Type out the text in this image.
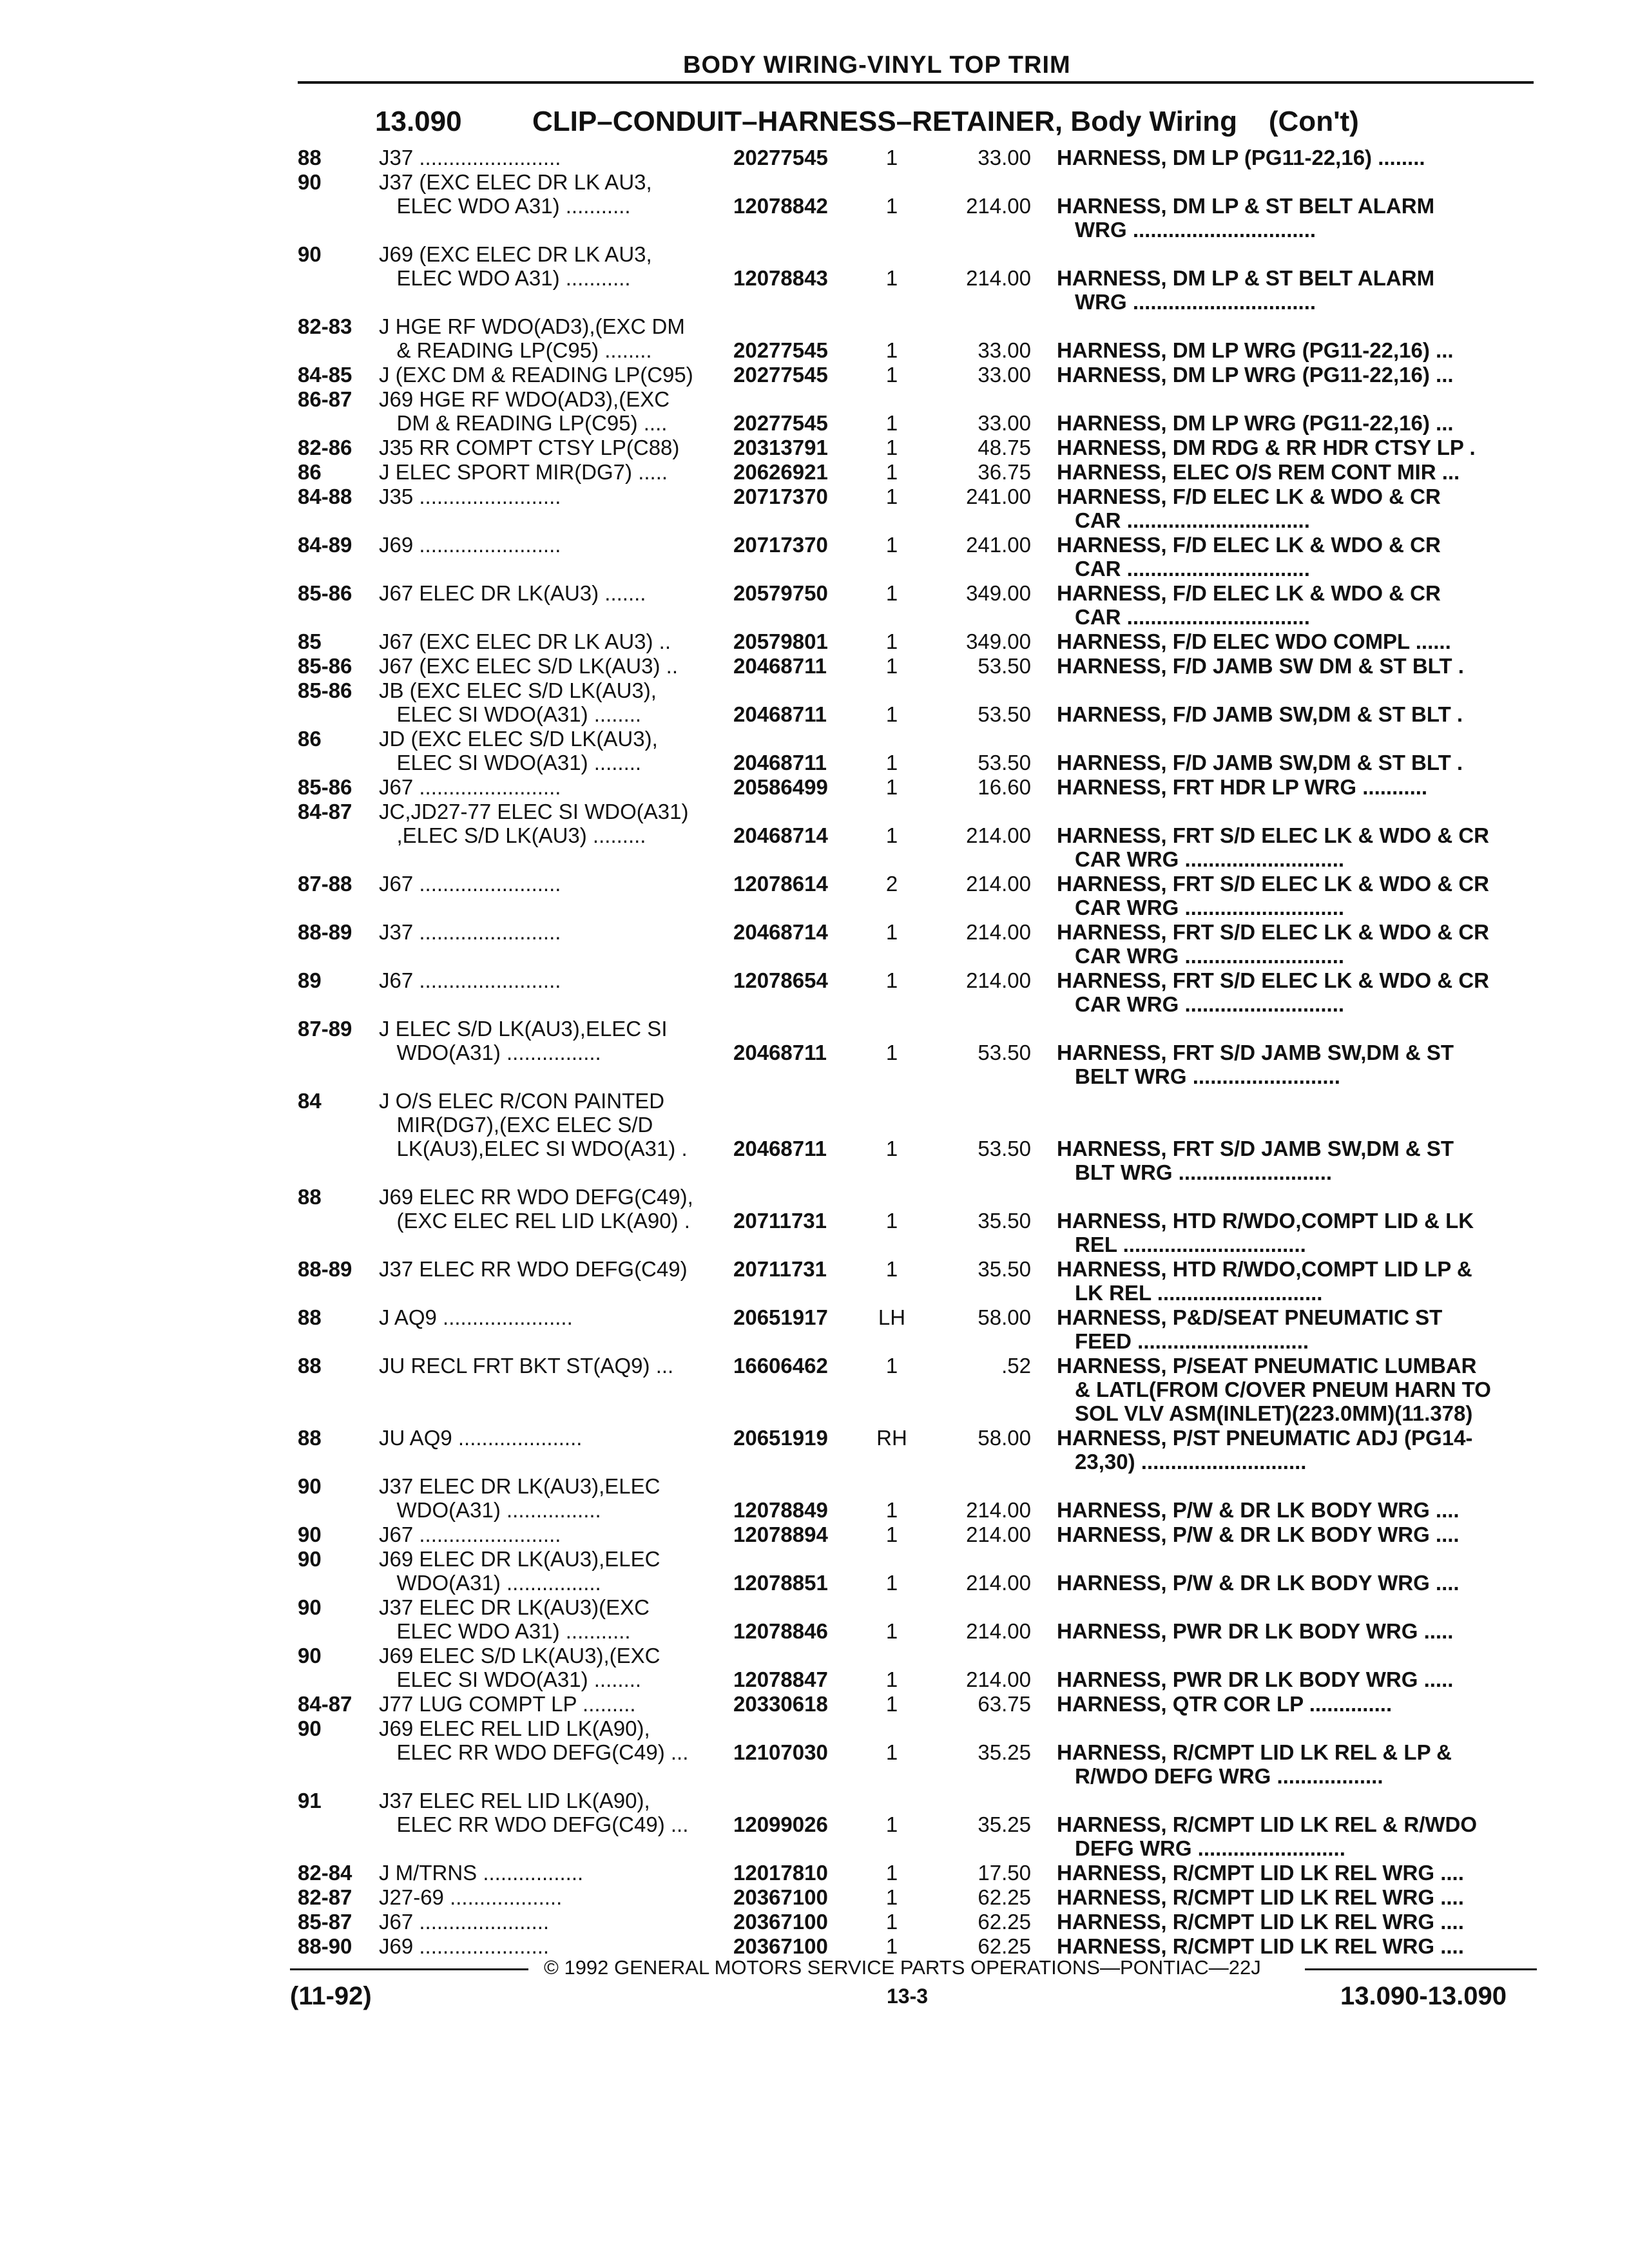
BODY WIRING-VINYL TOP TRIM
13.090 CLIP–CONDUIT–HARNESS–RETAINER, Body Wiring    (Con't)
88	J37 ........................	20277545	1	33.00 HARNESS, DM LP (PG11-22,16) ........
90	J37 (EXC ELEC DR LK AU3,
ELEC WDO A31) ...........	12078842	1	214.00 HARNESS, DM LP & ST BELT ALARM
WRG ...............................
90	J69 (EXC ELEC DR LK AU3,
ELEC WDO A31) ...........	12078843	1	214.00 HARNESS, DM LP & ST BELT ALARM
WRG ...............................
82-83 J HGE RF WDO(AD3),(EXC DM
& READING LP(C95) ........	20277545	1	33.00 HARNESS, DM LP WRG (PG11-22,16) ...
84-85 J (EXC DM & READING LP(C95) 20277545	1	33.00 HARNESS, DM LP WRG (PG11-22,16) ...
86-87 J69 HGE RF WDO(AD3),(EXC
DM & READING LP(C95) ....	20277545	1	33.00 HARNESS, DM LP WRG (PG11-22,16) ...
82-86 J35 RR COMPT CTSY LP(C88)	20313791	1	48.75 HARNESS, DM RDG & RR HDR CTSY LP .
86	J ELEC SPORT MIR(DG7) .....	20626921	1	36.75 HARNESS, ELEC O/S REM CONT MIR ...
84-88 J35 ........................	20717370	1	241.00 HARNESS, F/D ELEC LK & WDO & CR
CAR ...............................
84-89 J69 ........................	20717370	1	241.00 HARNESS, F/D ELEC LK & WDO & CR
CAR ...............................
85-86 J67 ELEC DR LK(AU3) .......	20579750	1	349.00 HARNESS, F/D ELEC LK & WDO & CR
CAR ...............................
85	J67 (EXC ELEC DR LK AU3) ..	20579801	1	349.00 HARNESS, F/D ELEC WDO COMPL ......
85-86 J67 (EXC ELEC S/D LK(AU3) ..	20468711	1	53.50 HARNESS, F/D JAMB SW DM & ST BLT .
85-86 JB (EXC ELEC S/D LK(AU3),
ELEC SI WDO(A31) ........	20468711	1	53.50 HARNESS, F/D JAMB SW,DM & ST BLT .
86	JD (EXC ELEC S/D LK(AU3),
ELEC SI WDO(A31) ........	20468711	1	53.50 HARNESS, F/D JAMB SW,DM & ST BLT .
85-86 J67 ........................	20586499	1	16.60 HARNESS, FRT HDR LP WRG ...........
84-87 JC,JD27-77 ELEC SI WDO(A31)
,ELEC S/D LK(AU3) .........	20468714	1	214.00 HARNESS, FRT S/D ELEC LK & WDO & CR
CAR WRG ...........................
87-88 J67 ........................	12078614	2	214.00 HARNESS, FRT S/D ELEC LK & WDO & CR
CAR WRG ...........................
88-89 J37 ........................	20468714	1	214.00 HARNESS, FRT S/D ELEC LK & WDO & CR
CAR WRG ...........................
89	J67 ........................	12078654	1	214.00 HARNESS, FRT S/D ELEC LK & WDO & CR
CAR WRG ...........................
87-89 J ELEC S/D LK(AU3),ELEC SI
WDO(A31) ................	20468711	1	53.50 HARNESS, FRT S/D JAMB SW,DM & ST
BELT WRG .........................
84	J O/S ELEC R/CON PAINTED
MIR(DG7),(EXC ELEC S/D
LK(AU3),ELEC SI WDO(A31) . 20468711	1	53.50 HARNESS, FRT S/D JAMB SW,DM & ST
BLT WRG ..........................
88	J69 ELEC RR WDO DEFG(C49),
(EXC ELEC REL LID LK(A90) . 20711731	1	35.50 HARNESS, HTD R/WDO,COMPT LID & LK
REL ...............................
88-89 J37 ELEC RR WDO DEFG(C49) 20711731	1	35.50 HARNESS, HTD R/WDO,COMPT LID LP &
LK REL ............................
88	J AQ9 ......................	20651917	LH	58.00 HARNESS, P&D/SEAT PNEUMATIC ST
FEED .............................
88	JU RECL FRT BKT ST(AQ9) ...	16606462	1	.52 HARNESS, P/SEAT PNEUMATIC LUMBAR
& LATL(FROM C/OVER PNEUM HARN TO
SOL VLV ASM(INLET)(223.0MM)(11.378)
88	JU AQ9 .....................	20651919	RH	58.00 HARNESS, P/ST PNEUMATIC ADJ (PG14-
23,30) ............................
90	J37 ELEC DR LK(AU3),ELEC
WDO(A31) ................	12078849	1	214.00 HARNESS, P/W & DR LK BODY WRG ....
90	J67 ........................	12078894	1	214.00 HARNESS, P/W & DR LK BODY WRG ....
90	J69 ELEC DR LK(AU3),ELEC
WDO(A31) ................	12078851	1	214.00 HARNESS, P/W & DR LK BODY WRG ....
90	J37 ELEC DR LK(AU3)(EXC
ELEC WDO A31) ...........	12078846	1	214.00 HARNESS, PWR DR LK BODY WRG .....
90	J69 ELEC S/D LK(AU3),(EXC
ELEC SI WDO(A31) ........	12078847	1	214.00 HARNESS, PWR DR LK BODY WRG .....
84-87 J77 LUG COMPT LP .........	20330618	1	63.75 HARNESS, QTR COR LP ..............
90	J69 ELEC REL LID LK(A90),
ELEC RR WDO DEFG(C49) ... 12107030	1	35.25 HARNESS, R/CMPT LID LK REL & LP &
R/WDO DEFG WRG ..................
91	J37 ELEC REL LID LK(A90),
ELEC RR WDO DEFG(C49) ... 12099026	1	35.25 HARNESS, R/CMPT LID LK REL & R/WDO
DEFG WRG .........................
82-84 J M/TRNS .................	12017810	1	17.50 HARNESS, R/CMPT LID LK REL WRG ....
82-87 J27-69 ...................	20367100	1	62.25 HARNESS, R/CMPT LID LK REL WRG ....
85-87 J67 ......................	20367100	1	62.25 HARNESS, R/CMPT LID LK REL WRG ....
88-90 J69 ......................	20367100	1	62.25 HARNESS, R/CMPT LID LK REL WRG ....
© 1992 GENERAL MOTORS SERVICE PARTS OPERATIONS—PONTIAC—22J
(11-92)	13-3	13.090-13.090
